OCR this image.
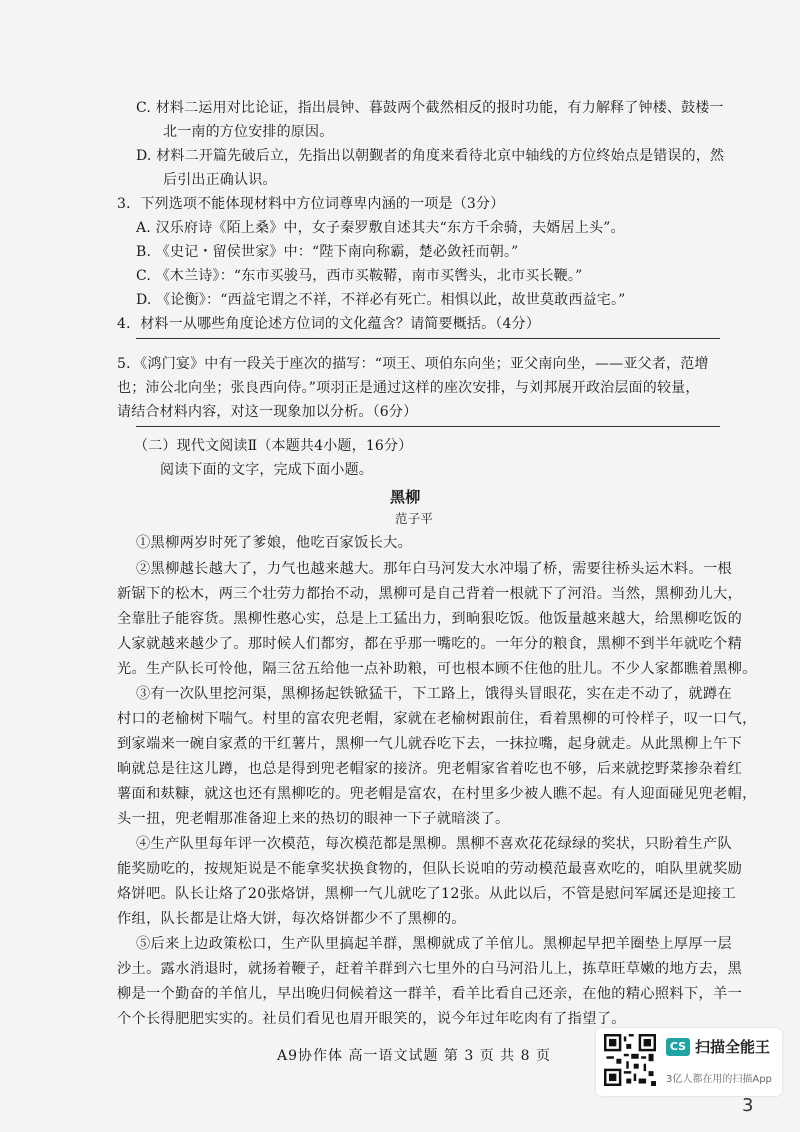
C. 材料二运用对比论证，指出晨钟、暮鼓两个截然相反的报时功能，有力解释了钟楼、鼓楼一
北一南的方位安排的原因。
D. 材料二开篇先破后立，先指出以朝觐者的角度来看待北京中轴线的方位终始点是错误的，然
后引出正确认识。
3．下列选项不能体现材料中方位词尊卑内涵的一项是（3分）
A. 汉乐府诗《陌上桑》中，女子秦罗敷自述其夫“东方千余骑，夫婿居上头”。
B. 《史记・留侯世家》中：“陛下南向称霸，楚必敛衽而朝。”
C. 《木兰诗》：“东市买骏马，西市买鞍鞯，南市买辔头，北市买长鞭。”
D. 《论衡》：“西益宅谓之不祥，不祥必有死亡。相惧以此，故世莫敢西益宅。”
4．材料一从哪些角度论述方位词的文化蕴含？请简要概括。（4分）
5．《鸿门宴》中有一段关于座次的描写：“项王、项伯东向坐；亚父南向坐，——亚父者，范增
也；沛公北向坐；张良西向侍。”项羽正是通过这样的座次安排，与刘邦展开政治层面的较量，
请结合材料内容，对这一现象加以分析。（6分）
（二）现代文阅读Ⅱ（本题共4小题，16分）
阅读下面的文字，完成下面小题。
黑柳
范子平
①黑柳两岁时死了爹娘，他吃百家饭长大。
②黑柳越长越大了，力气也越来越大。那年白马河发大水冲塌了桥，需要往桥头运木料。一根
新锯下的松木，两三个壮劳力都抬不动，黑柳可是自己背着一根就下了河沿。当然，黑柳劲儿大，
全靠肚子能容货。黑柳性憨心实，总是上工猛出力，到晌狠吃饭。他饭量越来越大，给黑柳吃饭的
人家就越来越少了。那时候人们都穷，都在乎那一嘴吃的。一年分的粮食，黑柳不到半年就吃个精
光。生产队长可怜他，隔三岔五给他一点补助粮，可也根本顾不住他的肚儿。不少人家都瞧着黑柳。
③有一次队里挖河渠，黑柳扬起铁锨猛干，下工路上，饿得头冒眼花，实在走不动了，就蹲在
村口的老榆树下喘气。村里的富农兜老帽，家就在老榆树跟前住，看着黑柳的可怜样子，叹一口气，
到家端来一碗自家煮的干红薯片，黑柳一气儿就吞吃下去，一抹拉嘴，起身就走。从此黑柳上午下
晌就总是往这儿蹲，也总是得到兜老帽家的接济。兜老帽家省着吃也不够，后来就挖野菜掺杂着红
薯面和麸糠，就这也还有黑柳吃的。兜老帽是富农，在村里多少被人瞧不起。有人迎面碰见兜老帽，
头一扭，兜老帽那准备迎上来的热切的眼神一下子就暗淡了。
④生产队里每年评一次模范，每次模范都是黑柳。黑柳不喜欢花花绿绿的奖状，只盼着生产队
能奖励吃的，按规矩说是不能拿奖状换食物的，但队长说咱的劳动模范最喜欢吃的，咱队里就奖励
烙饼吧。队长让烙了20张烙饼，黑柳一气儿就吃了12张。从此以后，不管是慰问军属还是迎接工
作组，队长都是让烙大饼，每次烙饼都少不了黑柳的。
⑤后来上边政策松口，生产队里搞起羊群，黑柳就成了羊倌儿。黑柳起早把羊圈垫上厚厚一层
沙土。露水消退时，就扬着鞭子，赶着羊群到六七里外的白马河沿儿上，拣草旺草嫩的地方去，黑
柳是一个勤奋的羊倌儿，早出晚归伺候着这一群羊，看羊比看自己还亲，在他的精心照料下，羊一
个个长得肥肥实实的。社员们看见也眉开眼笑的，说今年过年吃肉有了指望了。
A9协作体 高一语文试题 第 3 页 共 8 页
CS 扫描全能王
3亿人都在用的扫描App
3
